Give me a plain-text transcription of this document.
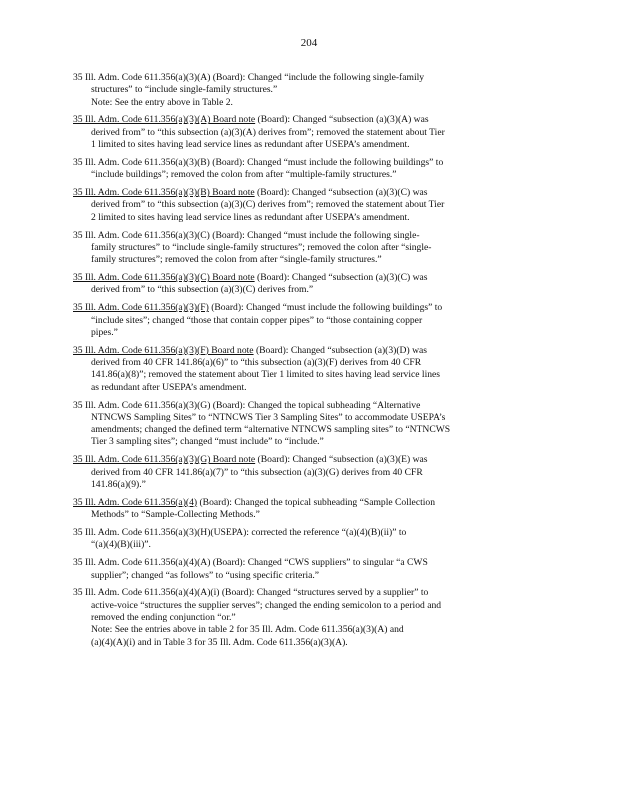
204
35 Ill. Adm. Code 611.356(a)(3)(A) (Board): Changed “include the following single-family
structures” to “include single-family structures.”
Note: See the entry above in Table 2.
35 Ill. Adm. Code 611.356(a)(3)(A) Board note (Board): Changed “subsection (a)(3)(A) was
derived from” to “this subsection (a)(3)(A) derives from”; removed the statement about Tier
1 limited to sites having lead service lines as redundant after USEPA’s amendment.
35 Ill. Adm. Code 611.356(a)(3)(B) (Board): Changed “must include the following buildings” to
“include buildings”; removed the colon from after “multiple-family structures.”
35 Ill. Adm. Code 611.356(a)(3)(B) Board note (Board): Changed “subsection (a)(3)(C) was
derived from” to “this subsection (a)(3)(C) derives from”; removed the statement about Tier
2 limited to sites having lead service lines as redundant after USEPA’s amendment.
35 Ill. Adm. Code 611.356(a)(3)(C) (Board): Changed “must include the following single-
family structures” to “include single-family structures”; removed the colon after “single-
family structures”; removed the colon from after “single-family structures.”
35 Ill. Adm. Code 611.356(a)(3)(C) Board note (Board): Changed “subsection (a)(3)(C) was
derived from” to “this subsection (a)(3)(C) derives from.”
35 Ill. Adm. Code 611.356(a)(3)(F) (Board): Changed “must include the following buildings” to
“include sites”; changed “those that contain copper pipes” to “those containing copper
pipes.”
35 Ill. Adm. Code 611.356(a)(3)(F) Board note (Board): Changed “subsection (a)(3)(D) was
derived from 40 CFR 141.86(a)(6)” to “this subsection (a)(3)(F) derives from 40 CFR
141.86(a)(8)”; removed the statement about Tier 1 limited to sites having lead service lines
as redundant after USEPA’s amendment.
35 Ill. Adm. Code 611.356(a)(3)(G) (Board): Changed the topical subheading “Alternative
NTNCWS Sampling Sites” to “NTNCWS Tier 3 Sampling Sites” to accommodate USEPA’s
amendments; changed the defined term “alternative NTNCWS sampling sites” to “NTNCWS
Tier 3 sampling sites”; changed “must include” to “include.”
35 Ill. Adm. Code 611.356(a)(3)(G) Board note (Board): Changed “subsection (a)(3)(E) was
derived from 40 CFR 141.86(a)(7)” to “this subsection (a)(3)(G) derives from 40 CFR
141.86(a)(9).”
35 Ill. Adm. Code 611.356(a)(4) (Board): Changed the topical subheading “Sample Collection
Methods” to “Sample-Collecting Methods.”
35 Ill. Adm. Code 611.356(a)(3)(H)(USEPA): corrected the reference “(a)(4)(B)(ii)” to
“(a)(4)(B)(iii)”.
35 Ill. Adm. Code 611.356(a)(4)(A) (Board): Changed “CWS suppliers” to singular “a CWS
supplier”; changed “as follows” to “using specific criteria.”
35 Ill. Adm. Code 611.356(a)(4)(A)(i) (Board): Changed “structures served by a supplier” to
active-voice “structures the supplier serves”; changed the ending semicolon to a period and
removed the ending conjunction “or.”
Note: See the entries above in table 2 for 35 Ill. Adm. Code 611.356(a)(3)(A) and
(a)(4)(A)(i) and in Table 3 for 35 Ill. Adm. Code 611.356(a)(3)(A).
